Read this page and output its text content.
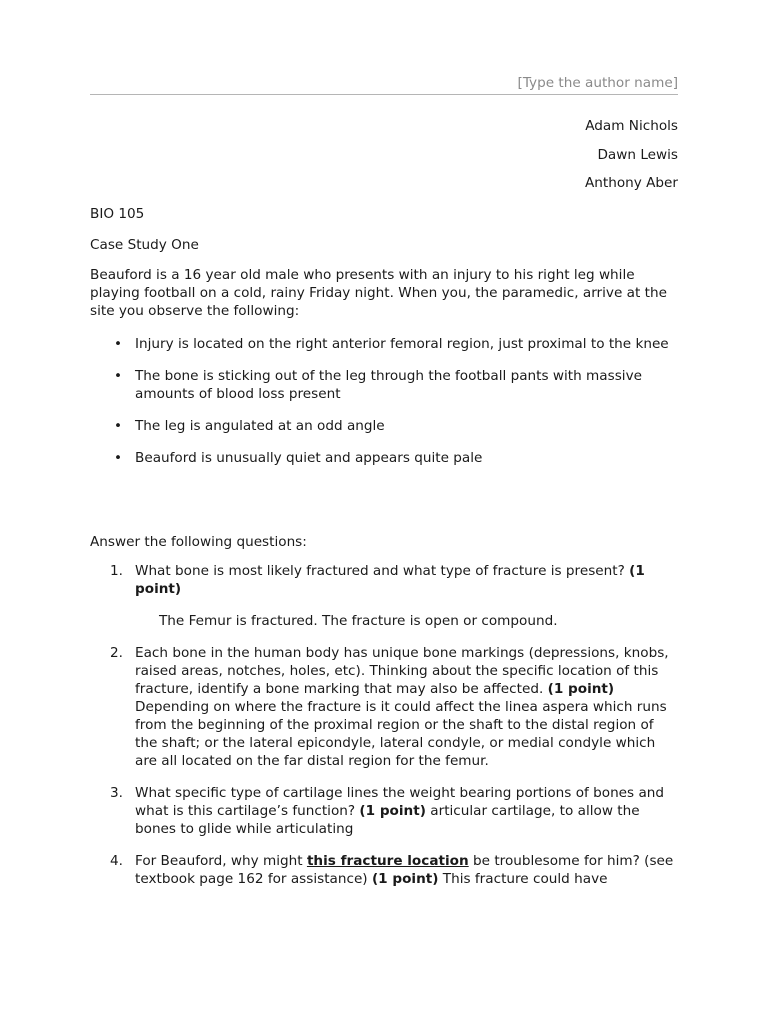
[Type the author name]
Adam Nichols
Dawn Lewis
Anthony Aber
BIO 105
Case Study One
Beauford is a 16 year old male who presents with an injury to his right leg while playing football on a cold, rainy Friday night. When you, the paramedic, arrive at the site you observe the following:
• Injury is located on the right anterior femoral region, just proximal to the knee
• The bone is sticking out of the leg through the football pants with massive amounts of blood loss present
• The leg is angulated at an odd angle
• Beauford is unusually quiet and appears quite pale
Answer the following questions:
1. What bone is most likely fractured and what type of fracture is present? (1 point)
The Femur is fractured. The fracture is open or compound.
2. Each bone in the human body has unique bone markings (depressions, knobs, raised areas, notches, holes, etc). Thinking about the specific location of this fracture, identify a bone marking that may also be affected. (1 point)
Depending on where the fracture is it could affect the linea aspera which runs from the beginning of the proximal region or the shaft to the distal region of the shaft; or the lateral epicondyle, lateral condyle, or medial condyle which are all located on the far distal region for the femur.
3. What specific type of cartilage lines the weight bearing portions of bones and what is this cartilage’s function? (1 point) articular cartilage, to allow the bones to glide while articulating
4. For Beauford, why might this fracture location be troublesome for him? (see textbook page 162 for assistance) (1 point) This fracture could have
